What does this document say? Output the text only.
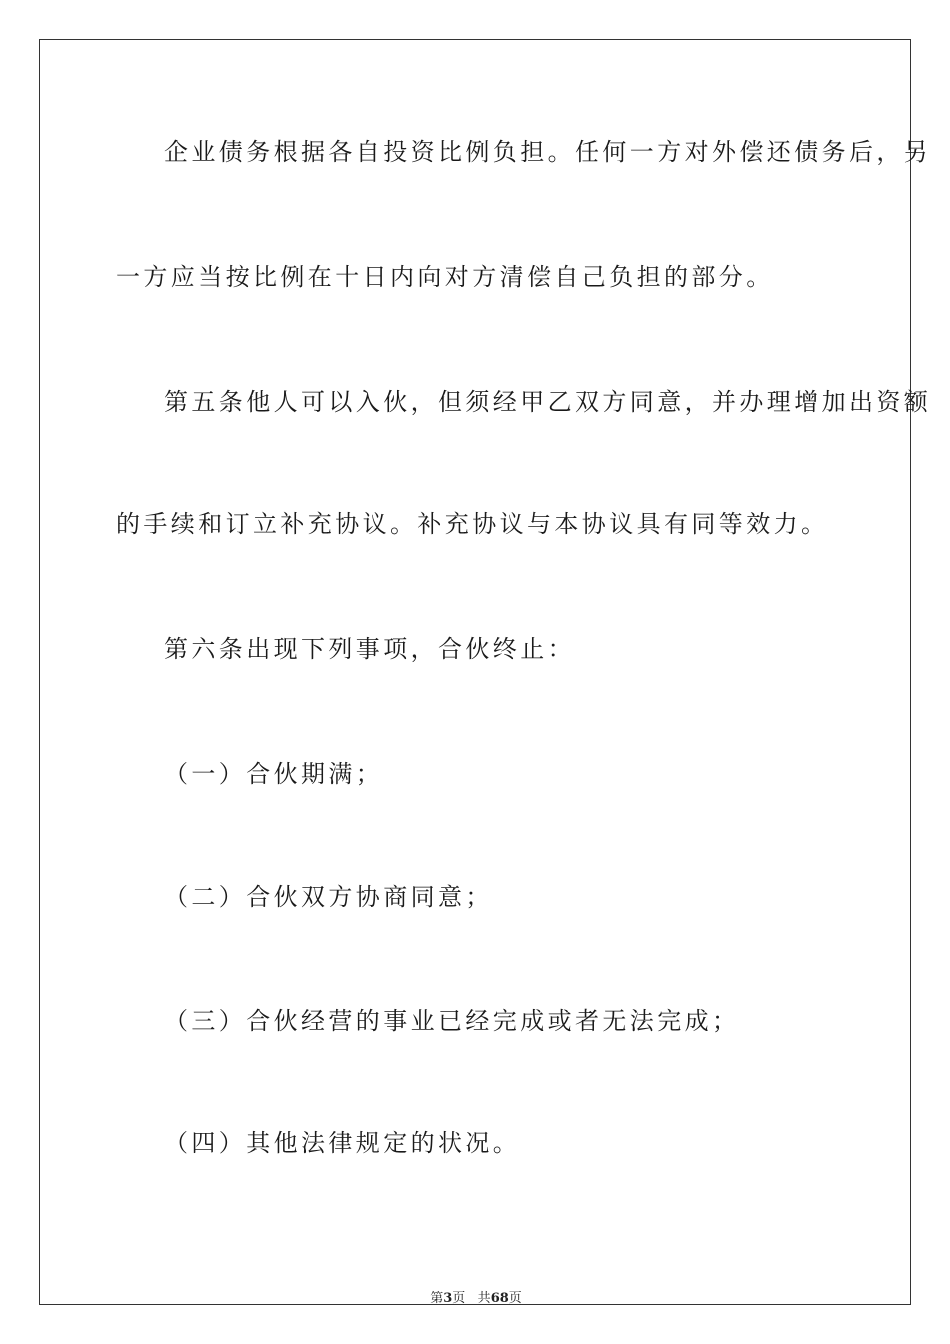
企业债务根据各自投资比例负担。任何一方对外偿还债务后，另
一方应当按比例在十日内向对方清偿自己负担的部分。
第五条他人可以入伙，但须经甲乙双方同意，并办理增加出资额
的手续和订立补充协议。补充协议与本协议具有同等效力。
第六条出现下列事项，合伙终止：
（一）合伙期满；
（二）合伙双方协商同意；
（三）合伙经营的事业已经完成或者无法完成；
（四）其他法律规定的状况。
第3页 共68页
